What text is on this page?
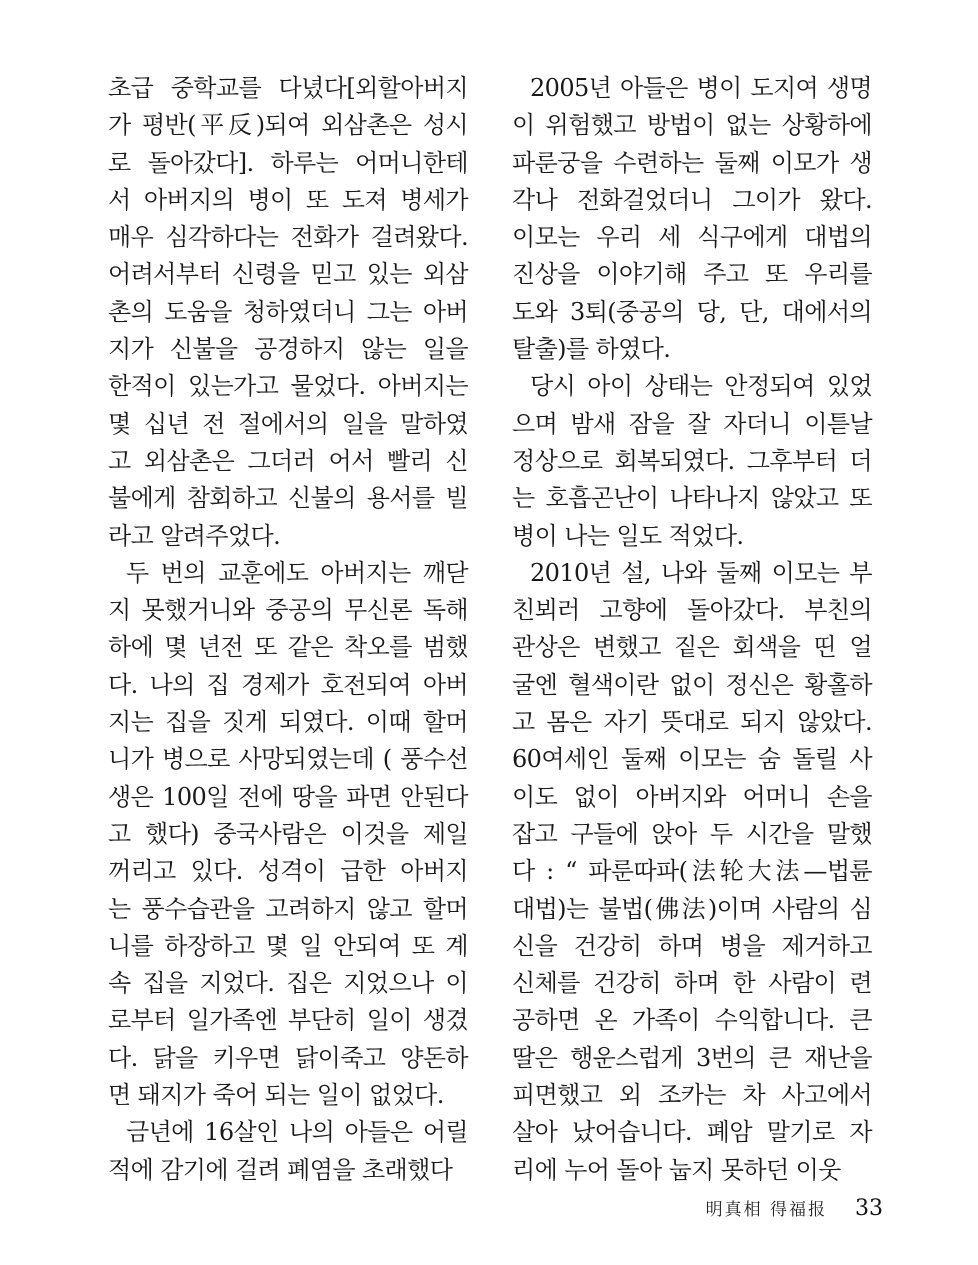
초급 중학교를 다녔다[외할아버지
가 평반(平反)되여 외삼촌은 성시
로 돌아갔다]. 하루는 어머니한테
서 아버지의 병이 또 도져 병세가
매우 심각하다는 전화가 걸려왔다.
어려서부터 신령을 믿고 있는 외삼
촌의 도움을 청하였더니 그는 아버
지가 신불을 공경하지 않는 일을
한적이 있는가고 물었다. 아버지는
몇 십년 전 절에서의 일을 말하였
고 외삼촌은 그더러 어서 빨리 신
불에게 참회하고 신불의 용서를 빌
라고 알려주었다.
두 번의 교훈에도 아버지는 깨닫
지 못했거니와 중공의 무신론 독해
하에 몇 년전 또 같은 착오를 범했
다. 나의 집 경제가 호전되여 아버
지는 집을 짓게 되였다. 이때 할머
니가 병으로 사망되였는데 ( 풍수선
생은 100일 전에 땅을 파면 안된다
고 했다) 중국사람은 이것을 제일
꺼리고 있다. 성격이 급한 아버지
는 풍수습관을 고려하지 않고 할머
니를 하장하고 몇 일 안되여 또 계
속 집을 지었다. 집은 지었으나 이
로부터 일가족엔 부단히 일이 생겼
다. 닭을 키우면 닭이죽고 양돈하
면 돼지가 죽어 되는 일이 없었다.
금년에 16살인 나의 아들은 어릴
적에 감기에 걸려 폐염을 초래했다
2005년 아들은 병이 도지여 생명
이 위험했고 방법이 없는 상황하에
파룬궁을 수련하는 둘째 이모가 생
각나 전화걸었더니 그이가 왔다.
이모는 우리 세 식구에게 대법의
진상을 이야기해 주고 또 우리를
도와 3퇴(중공의 당, 단, 대에서의
탈출)를 하였다.
당시 아이 상태는 안정되여 있었
으며 밤새 잠을 잘 자더니 이튿날
정상으로 회복되였다. 그후부터 더
는 호흡곤난이 나타나지 않았고 또
병이 나는 일도 적었다.
2010년 설, 나와 둘째 이모는 부
친뵈러 고향에 돌아갔다. 부친의
관상은 변했고 짙은 회색을 띤 얼
굴엔 혈색이란 없이 정신은 황홀하
고 몸은 자기 뜻대로 되지 않았다.
60여세인 둘째 이모는 숨 돌릴 사
이도 없이 아버지와 어머니 손을
잡고 구들에 앉아 두 시간을 말했
다 : “ 파룬따파(法轮大法—법륜
대법)는 불법(佛法)이며 사람의 심
신을 건강히 하며 병을 제거하고
신체를 건강히 하며 한 사람이 련
공하면 온 가족이 수익합니다. 큰
딸은 행운스럽게 3번의 큰 재난을
피면했고 외 조카는 차 사고에서
살아 났어습니다. 폐암 말기로 자
리에 누어 돌아 눕지 못하던 이웃
明真相 得福报 33
